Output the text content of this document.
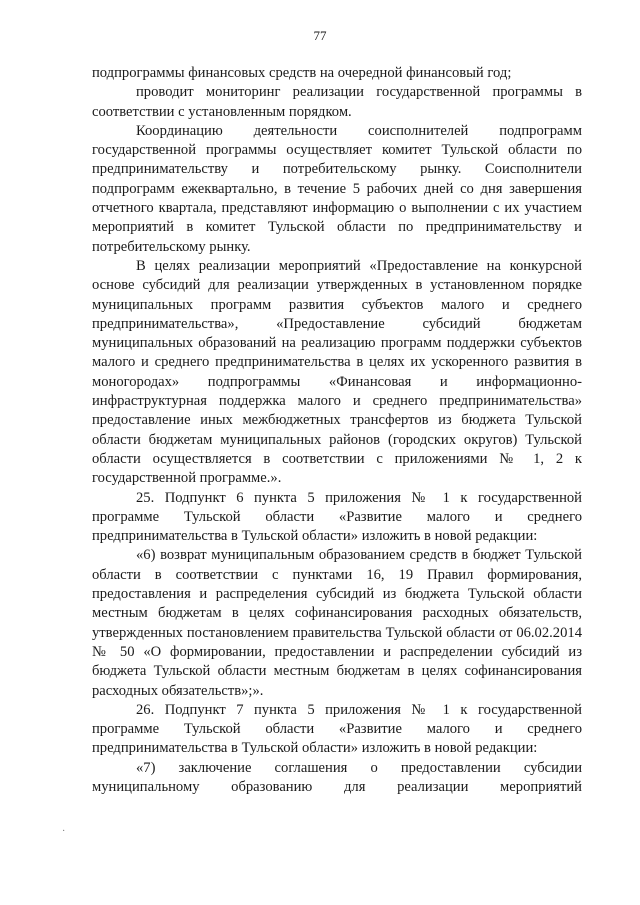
77

подпрограммы финансовых средств на очередной финансовый год;

проводит мониторинг реализации государственной программы в соответствии с установленным порядком.

Координацию деятельности соисполнителей подпрограмм государственной программы осуществляет комитет Тульской области по предпринимательству и потребительскому рынку. Соисполнители подпрограмм ежеквартально, в течение 5 рабочих дней со дня завершения отчетного квартала, представляют информацию о выполнении с их участием мероприятий в комитет Тульской области по предпринимательству и потребительскому рынку.

В целях реализации мероприятий «Предоставление на конкурсной основе субсидий для реализации утвержденных в установленном порядке муниципальных программ развития субъектов малого и среднего предпринимательства», «Предоставление субсидий бюджетам муниципальных образований на реализацию программ поддержки субъектов малого и среднего предпринимательства в целях их ускоренного развития в моногородах» подпрограммы «Финансовая и информационно-инфраструктурная поддержка малого и среднего предпринимательства» предоставление иных межбюджетных трансфертов из бюджета Тульской области бюджетам муниципальных районов (городских округов) Тульской области осуществляется в соответствии с приложениями № 1, 2 к государственной программе.».

25. Подпункт 6 пункта 5 приложения № 1 к государственной программе Тульской области «Развитие малого и среднего предпринимательства в Тульской области» изложить в новой редакции:

«6) возврат муниципальным образованием средств в бюджет Тульской области в соответствии с пунктами 16, 19 Правил формирования, предоставления и распределения субсидий из бюджета Тульской области местным бюджетам в целях софинансирования расходных обязательств, утвержденных постановлением правительства Тульской области от 06.02.2014 № 50 «О формировании, предоставлении и распределении субсидий из бюджета Тульской области местным бюджетам в целях софинансирования расходных обязательств»;».

26. Подпункт 7 пункта 5 приложения № 1 к государственной программе Тульской области «Развитие малого и среднего предпринимательства в Тульской области» изложить в новой редакции:

«7) заключение соглашения о предоставлении субсидии муниципальному образованию для реализации мероприятий

·
